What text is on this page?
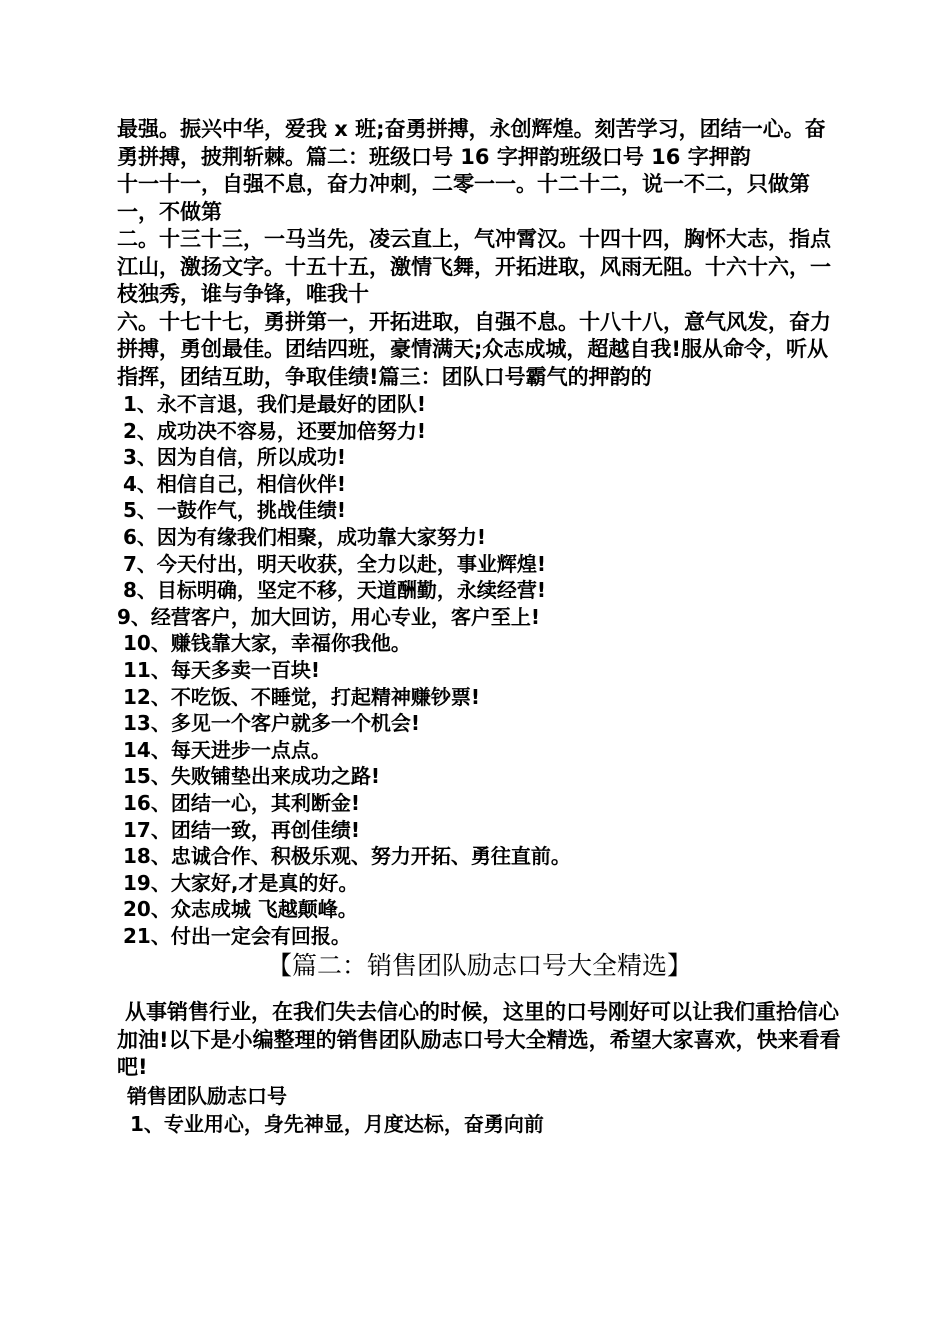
最强。振兴中华，爱我 x 班;奋勇拼搏，永创辉煌。刻苦学习，团结一心。奋勇拼搏，披荆斩棘。篇二：班级口号 16 字押韵班级口号 16 字押韵

十一十一，自强不息，奋力冲刺，二零一一。十二十二，说一不二，只做第一，不做第

二。十三十三，一马当先，凌云直上，气冲霄汉。十四十四，胸怀大志，指点江山，激扬文字。十五十五，激情飞舞，开拓进取，风雨无阻。十六十六，一枝独秀，谁与争锋，唯我十

六。十七十七，勇拼第一，开拓进取，自强不息。十八十八，意气风发，奋力拼搏，勇创最佳。团结四班，豪情满天;众志成城，超越自我!服从命令，听从指挥，团结互助，争取佳绩!篇三：团队口号霸气的押韵的

1、永不言退，我们是最好的团队!
2、成功决不容易，还要加倍努力!
3、因为自信，所以成功!
4、相信自己，相信伙伴!
5、一鼓作气，挑战佳绩!
6、因为有缘我们相聚，成功靠大家努力!
7、今天付出，明天收获，全力以赴，事业辉煌!
8、目标明确，坚定不移，天道酬勤，永续经营!
9、经营客户，加大回访，用心专业，客户至上!
10、赚钱靠大家，幸福你我他。
11、每天多卖一百块!
12、不吃饭、不睡觉，打起精神赚钞票!
13、多见一个客户就多一个机会!
14、每天进步一点点。
15、失败铺垫出来成功之路!
16、团结一心，其利断金!
17、团结一致，再创佳绩!
18、忠诚合作、积极乐观、努力开拓、勇往直前。
19、大家好,才是真的好。
20、众志成城 飞越颠峰。
21、付出一定会有回报。
【篇二：销售团队励志口号大全精选】

从事销售行业，在我们失去信心的时候，这里的口号刚好可以让我们重拾信心加油!以下是小编整理的销售团队励志口号大全精选，希望大家喜欢，快来看看吧!

销售团队励志口号

1、专业用心，身先神显，月度达标，奋勇向前
